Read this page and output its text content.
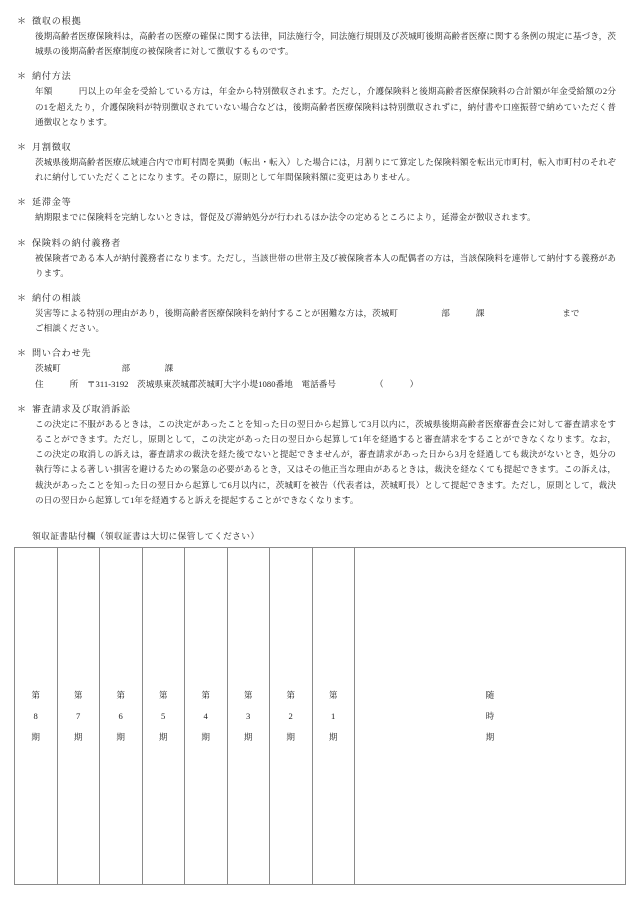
＊ 徴収の根拠

後期高齢者医療保険料は，高齢者の医療の確保に関する法律，同法施行令，同法施行規則及び茨城町後期高齢者医療に関する条例の規定に基づき，茨城県の後期高齢者医療制度の被保険者に対して徴収するものです。

＊ 納付方法

年額　　　円以上の年金を受給している方は，年金から特別徴収されます。ただし，介護保険料と後期高齢者医療保険料の合計額が年金受給額の2分の1を超えたり，介護保険料が特別徴収されていない場合などは，後期高齢者医療保険料は特別徴収されずに，納付書や口座振替で納めていただく普通徴収となります。

＊ 月割徴収

茨城県後期高齢者医療広域連合内で市町村間を異動（転出・転入）した場合には，月割りにて算定した保険料額を転出元市町村，転入市町村のそれぞれに納付していただくことになります。その際に，原則として年間保険料額に変更はありません。

＊ 延滞金等

納期限までに保険料を完納しないときは，督促及び滞納処分が行われるほか法令の定めるところにより，延滞金が徴収されます。

＊ 保険料の納付義務者

被保険者である本人が納付義務者になります。ただし，当該世帯の世帯主及び被保険者本人の配偶者の方は，当該保険料を連帯して納付する義務があります。

＊ 納付の相談

災害等による特別の理由があり，後期高齢者医療保険料を納付することが困難な方は，茨城町　　　　　部　　　課　　　　　　　　　まで

ご相談ください。

＊ 問い合わせ先

茨城町　　　　　　　部　　　　課

住　　　所　〒311-3192　茨城県東茨城郡茨城町大字小堤1080番地　電話番号　　　　　（　　　）

＊ 審査請求及び取消訴訟

この決定に不服があるときは，この決定があったことを知った日の翌日から起算して3月以内に，茨城県後期高齢者医療審査会に対して審査請求をすることができます。ただし，原則として，この決定があった日の翌日から起算して1年を経過すると審査請求をすることができなくなります。なお，この決定の取消しの訴えは，審査請求の裁決を経た後でないと提起できませんが，審査請求があった日から3月を経過しても裁決がないとき，処分の執行等による著しい損害を避けるための緊急の必要があるとき，又はその他正当な理由があるときは，裁決を経なくても提起できます。この訴えは，裁決があったことを知った日の翌日から起算して6月以内に，茨城町を被告（代表者は，茨城町長）として提起できます。ただし，原則として，裁決の日の翌日から起算して1年を経過すると訴えを提起することができなくなります。

領収証書貼付欄（領収証書は大切に保管してください）
第
8
期

第
7
期

第
6
期

第
5
期

第
4
期

第
3
期

第
2
期

第
1
期

随
時
期
